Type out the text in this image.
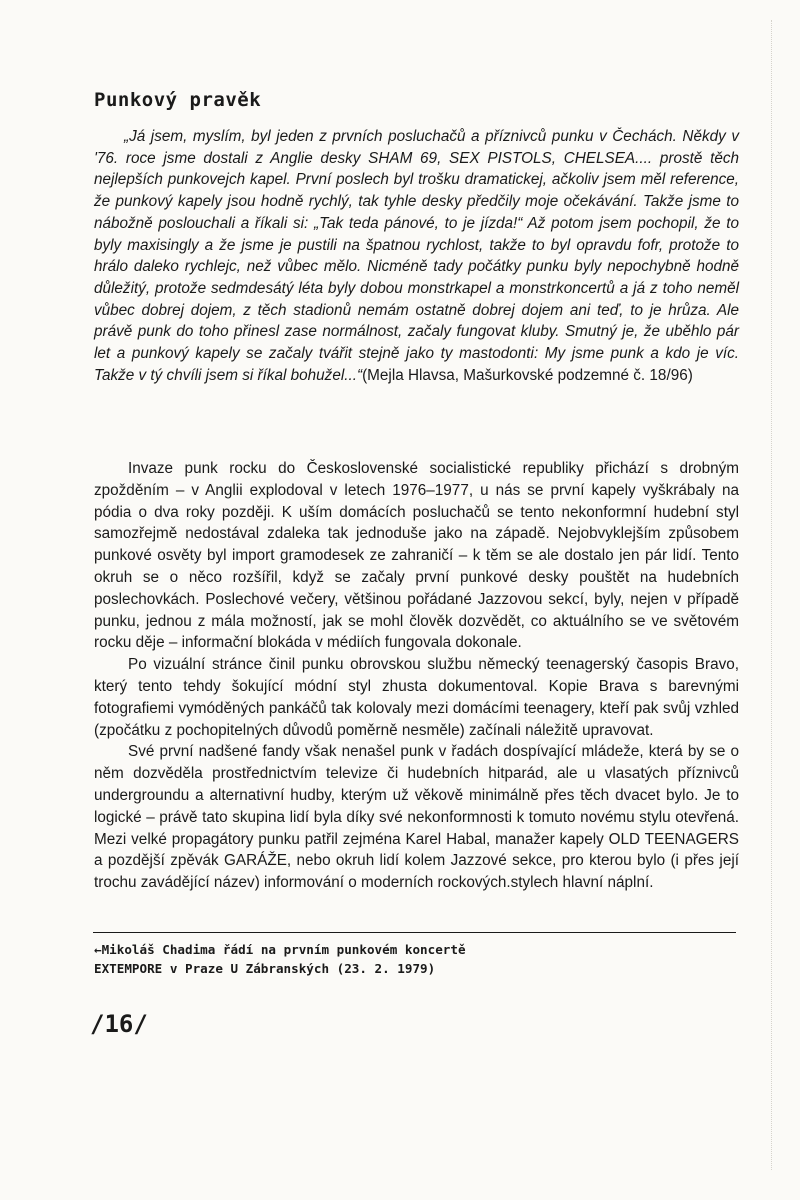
Punkový pravěk

„Já jsem, myslím, byl jeden z prvních posluchačů a příznivců punku v Čechách. Někdy v '76. roce jsme dostali z Anglie desky SHAM 69, SEX PISTOLS, CHELSEA.... prostě těch nejlepších punkovejch kapel. První poslech byl trošku dramatickej, ačkoliv jsem měl reference, že punkový kapely jsou hodně rychlý, tak tyhle desky předčily moje očekávání. Takže jsme to nábožně poslouchali a říkali si: „Tak teda pánové, to je jízda!“ Až potom jsem pochopil, že to byly maxisingly a že jsme je pustili na špatnou rychlost, takže to byl opravdu fofr, protože to hrálo daleko rychlejc, než vůbec mělo. Nicméně tady počátky punku byly nepochybně hodně důležitý, protože sedmdesátý léta byly dobou monstrkapel a monstrkoncertů a já z toho neměl vůbec dobrej dojem, z těch stadionů nemám ostatně dobrej dojem ani teď, to je hrůza. Ale právě punk do toho přinesl zase normálnost, začaly fungovat kluby. Smutný je, že uběhlo pár let a punkový kapely se začaly tvářit stejně jako ty mastodonti: My jsme punk a kdo je víc. Takže v tý chvíli jsem si říkal bohužel...“(Mejla Hlavsa, Mašurkovské podzemné č. 18/96)

Invaze punk rocku do Československé socialistické republiky přichází s drobným zpožděním – v Anglii explodoval v letech 1976–1977, u nás se první kapely vyškrábaly na pódia o dva roky později. K uším domácích posluchačů se tento nekonformní hudební styl samozřejmě nedostával zdaleka tak jednoduše jako na západě. Nejobvyklejším způsobem punkové osvěty byl import gramodesek ze zahraničí – k těm se ale dostalo jen pár lidí. Tento okruh se o něco rozšířil, když se začaly první punkové desky pouštět na hudebních poslechovkách. Poslechové večery, většinou pořádané Jazzovou sekcí, byly, nejen v případě punku, jednou z mála možností, jak se mohl člověk dozvědět, co aktuálního se ve světovém rocku děje – informační blokáda v médiích fungovala dokonale.

Po vizuální stránce činil punku obrovskou službu německý teenagerský časopis Bravo, který tento tehdy šokující módní styl zhusta dokumentoval. Kopie Brava s barevnými fotografiemi vymóděných pankáčů tak kolovaly mezi domácími teenagery, kteří pak svůj vzhled (zpočátku z pochopitelných důvodů poměrně nesměle) začínali náležitě upravovat.

Své první nadšené fandy však nenašel punk v řadách dospívající mládeže, která by se o něm dozvěděla prostřednictvím televize či hudebních hitparád, ale u vlasatých příznivců undergroundu a alternativní hudby, kterým už věkově minimálně přes těch dvacet bylo. Je to logické – právě tato skupina lidí byla díky své nekonformnosti k tomuto novému stylu otevřená. Mezi velké propagátory punku patřil zejména Karel Habal, manažer kapely OLD TEENAGERS a pozdější zpěvák GARÁŽE, nebo okruh lidí kolem Jazzové sekce, pro kterou bylo (i přes její trochu zavádějící název) informování o moderních rockových.stylech hlavní náplní.

←Mikoláš Chadima řádí na prvním punkovém koncertě
EXTEMPORE v Praze U Zábranských (23. 2. 1979)
/16/
